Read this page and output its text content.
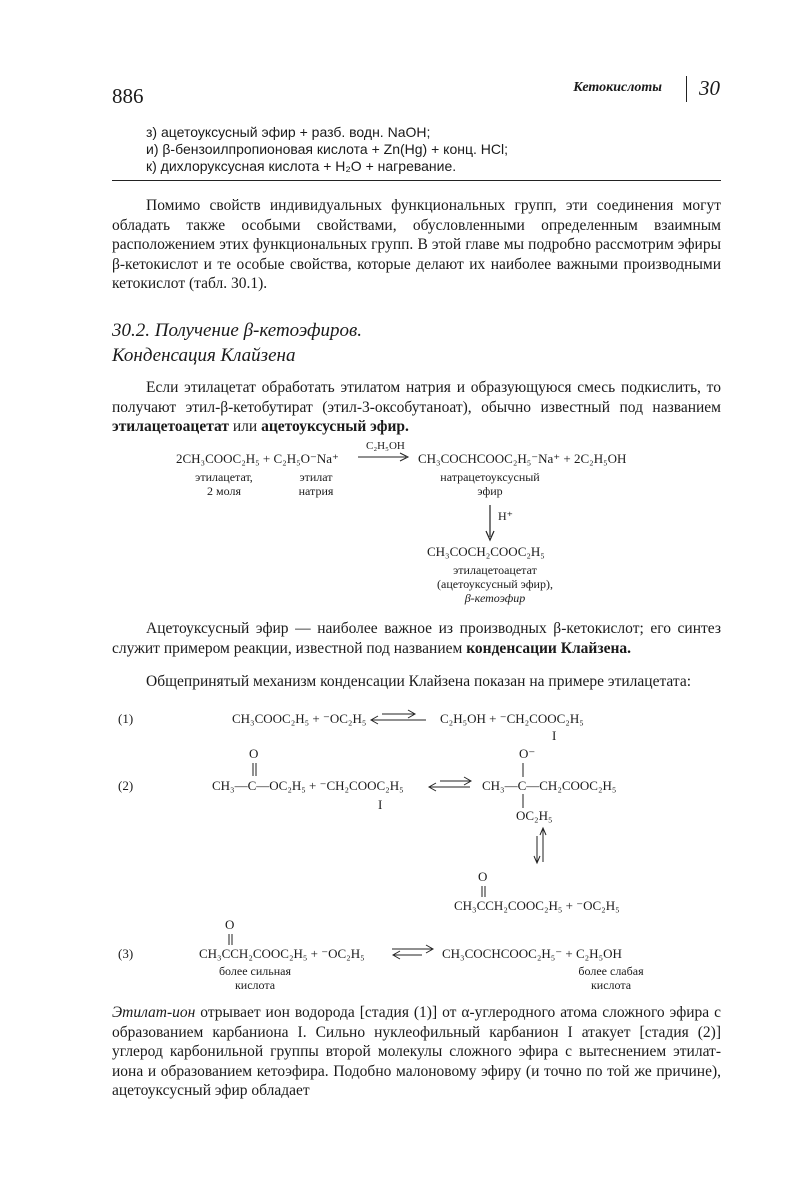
886	Кетокислоты 30
з) ацетоуксусный эфир + разб. водн. NaOH;
и) β-бензоилпропионовая кислота + Zn(Hg) + конц. HCl;
к) дихлоруксусная кислота + H₂O + нагревание.

Помимо свойств индивидуальных функциональных групп, эти соединения могут обладать также особыми свойствами, обусловленными определенным взаимным расположением этих функциональных групп. В этой главе мы подробно рассмотрим эфиры β-кетокислот и те особые свойства, которые делают их наиболее важными производными кетокислот (табл. 30.1).

30.2. Получение β-кетоэфиров.
Конденсация Клайзена

Если этилацетат обработать этилатом натрия и образующуюся смесь подкислить, то получают этил-β-кетобутират (этил-3-оксобутаноат), обычно известный под названием этилацетоацетат или ацетоуксусный эфир.

2CH₃COOC₂H₅ + C₂H₅O⁻Na⁺
C₂H₅OH
CH₃COCHCOOC₂H₅⁻Na⁺ + 2C₂H₅OH
этилацетат,
2 моля
этилат
натрия
натрацетоуксусный
эфир
H⁺
CH₃COCH₂COOC₂H₅
этилацетоацетат
(ацетоуксусный эфир),
β-кетоэфир

Ацетоуксусный эфир — наиболее важное из производных β-кетокислот; его синтез служит примером реакции, известной под названием конденсации Клайзена.

Общепринятый механизм конденсации Клайзена показан на примере этилацетата:

(1)	CH₃COOC₂H₅ + ⁻OC₂H₅	C₂H₅OH + ⁻CH₂COOC₂H₅
I
(2)
O
CH₃—C—OC₂H₅ + ⁻CH₂COOC₂H₅
I
O⁻
CH₃—C—CH₂COOC₂H₅
OC₂H₅
O
CH₃CCH₂COOC₂H₅ + ⁻OC₂H₅
(3)
O
CH₃CCH₂COOC₂H₅ + ⁻OC₂H₅	CH₃COCHCOOC₂H₅⁻ + C₂H₅OH
более сильная
кислота
более слабая
кислота

Этилат-ион отрывает ион водорода [стадия (1)] от α-углеродного атома сложного эфира с образованием карбаниона I. Сильно нуклеофильный карбанион I атакует [стадия (2)] углерод карбонильной группы второй молекулы сложного эфира с вытеснением этилат-иона и образованием кетоэфира. Подобно малоновому эфиру (и точно по той же причине), ацетоуксусный эфир обладает
